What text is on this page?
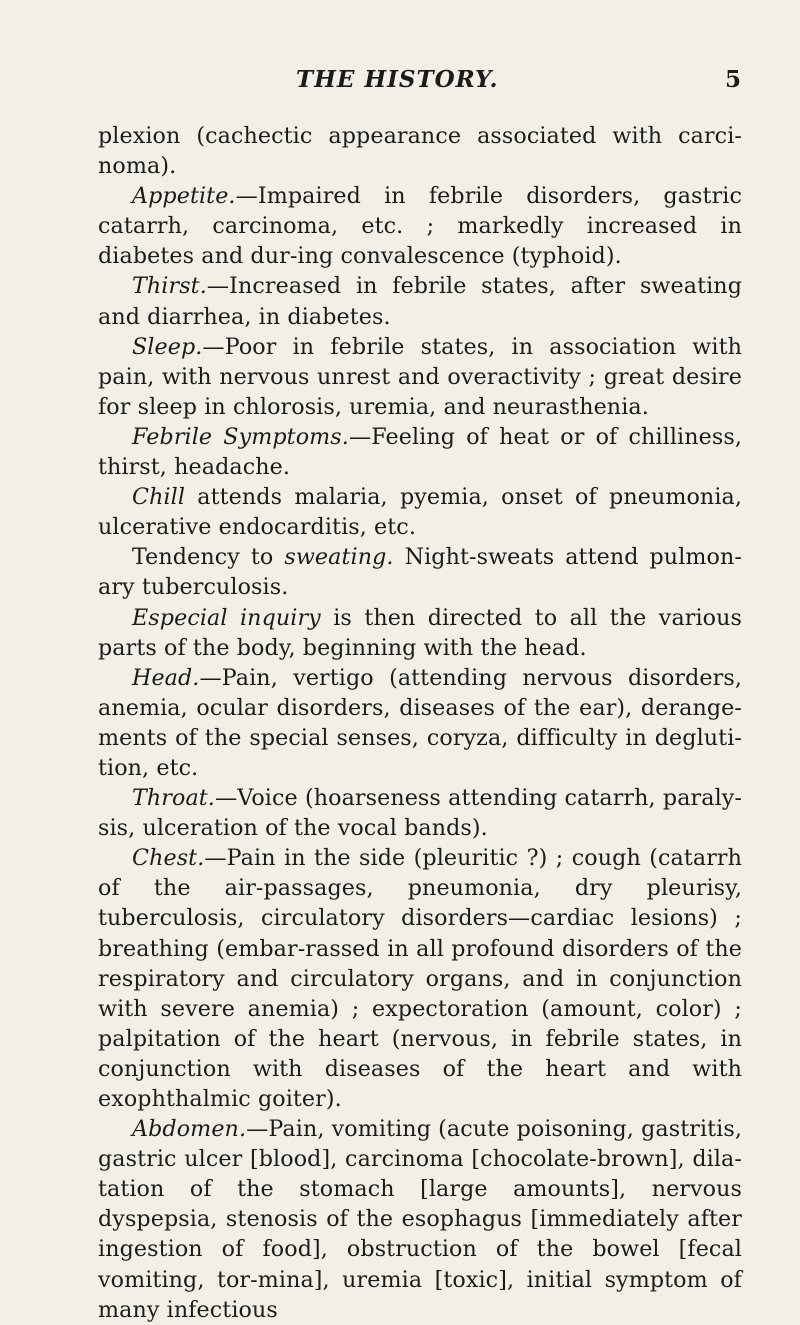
THE HISTORY.	5

plexion (cachectic appearance associated with carci-noma).

Appetite.—Impaired in febrile disorders, gastric catarrh, carcinoma, etc. ; markedly increased in diabetes and dur-ing convalescence (typhoid).

Thirst.—Increased in febrile states, after sweating and diarrhea, in diabetes.

Sleep.—Poor in febrile states, in association with pain, with nervous unrest and overactivity ; great desire for sleep in chlorosis, uremia, and neurasthenia.

Febrile Symptoms.—Feeling of heat or of chilliness, thirst, headache.

Chill attends malaria, pyemia, onset of pneumonia, ulcerative endocarditis, etc.

Tendency to sweating. Night-sweats attend pulmon-ary tuberculosis.

Especial inquiry is then directed to all the various parts of the body, beginning with the head.

Head.—Pain, vertigo (attending nervous disorders, anemia, ocular disorders, diseases of the ear), derange-ments of the special senses, coryza, difficulty in degluti-tion, etc.

Throat.—Voice (hoarseness attending catarrh, paraly-sis, ulceration of the vocal bands).

Chest.—Pain in the side (pleuritic ?) ; cough (catarrh of the air-passages, pneumonia, dry pleurisy, tuberculosis, circulatory disorders—cardiac lesions) ; breathing (embar-rassed in all profound disorders of the respiratory and circulatory organs, and in conjunction with severe anemia) ; expectoration (amount, color) ; palpitation of the heart (nervous, in febrile states, in conjunction with diseases of the heart and with exophthalmic goiter).

Abdomen.—Pain, vomiting (acute poisoning, gastritis, gastric ulcer [blood], carcinoma [chocolate-brown], dila-tation of the stomach [large amounts], nervous dyspepsia, stenosis of the esophagus [immediately after ingestion of food], obstruction of the bowel [fecal vomiting, tor-mina], uremia [toxic], initial symptom of many infectious
